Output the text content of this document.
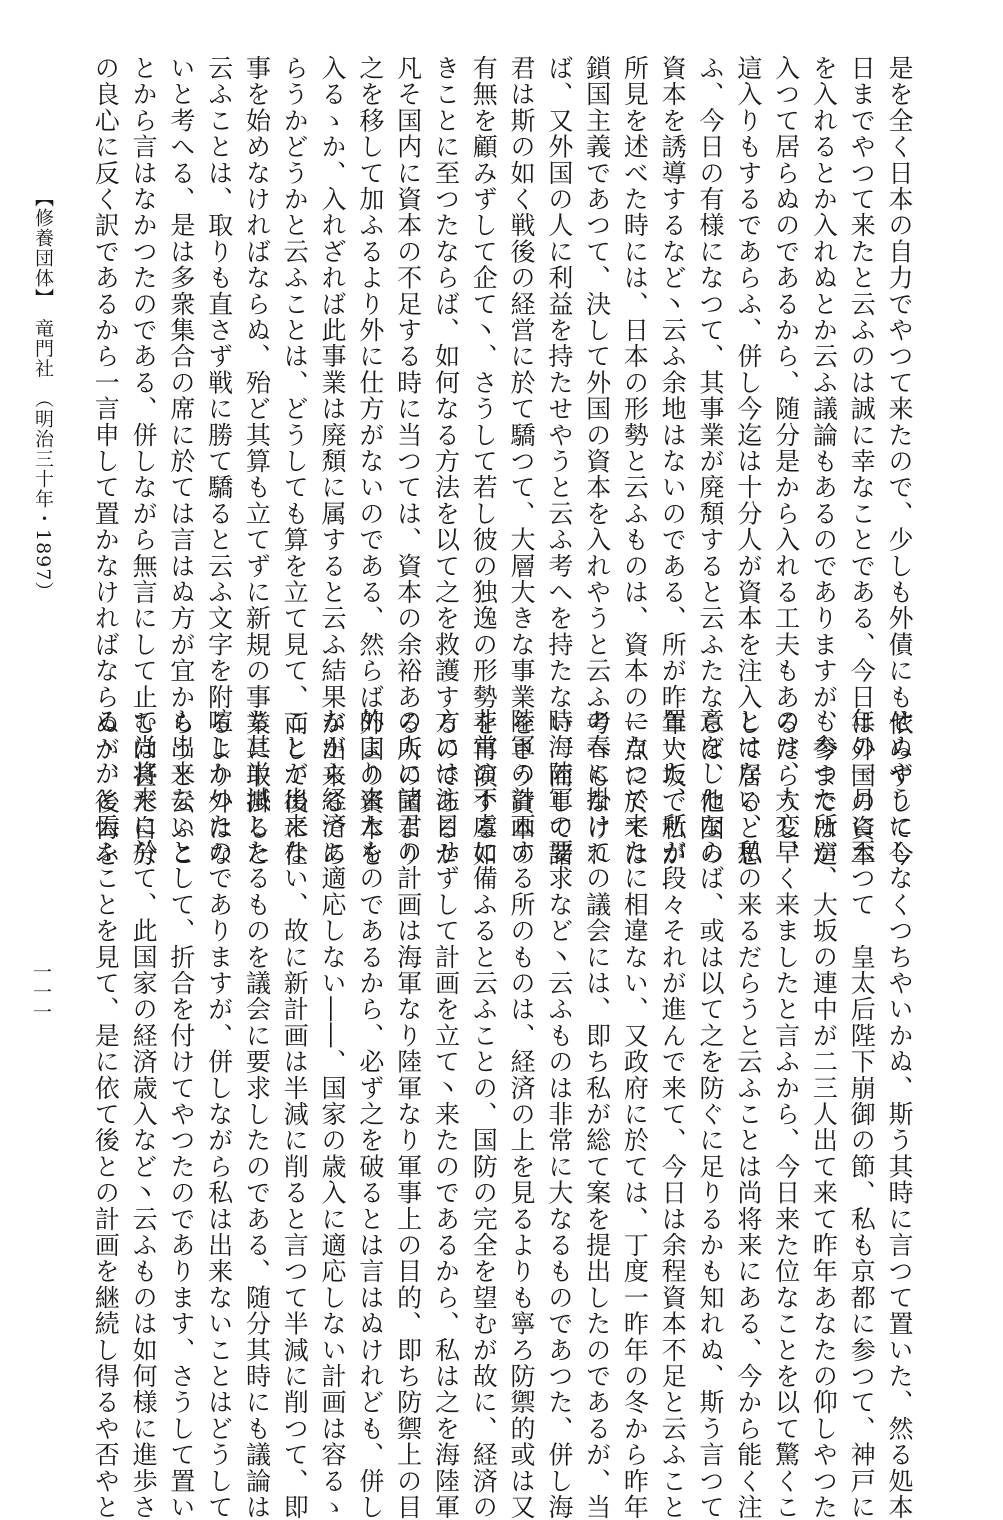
是を全く日本の自力でやつて来たので、少しも外債にも依らずして今

日までやつて来たと云ふのは誠に幸なことである、今日は外国の資本

を入れるとか入れぬとか云ふ議論もあるのでありますが、今までは這

入つて居らぬのであるから、随分是から入れる工夫もあるだらうし、

這入りもするであらふ、併し今迄は十分人が資本を注入して居ると思

ふ、今日の有様になつて、其事業が廃頽すると云ふたならば、他国の

資本を誘導するなど丶云ふ余地はないのである、所が昨年大坂で私が

所見を述べた時には、日本の形勢と云ふものは、資本の一点に於ては

鎖国主義であつて、決して外国の資本を入れやうと云ふ考へもなけれ

ば、又外国の人に利益を持たせやうと云ふ考へを持たない、而して諸

君は斯の如く戦後の経営に於て驕つて、大層大きな事業をさう資本の

有無を顧みずして企て丶、さうして若し彼の独逸の形勢を再演する如

きことに至つたならば、如何なる方法を以て之を救護するのであるか

凡そ国内に資本の不足する時に当つては、資本の余裕ある所の国より

之を移して加ふるより外に仕方がないのである、然らば外国の資本を

入るゝか、入れざれば此事業は廃頽に属すると云ふ結果が出来るであ

らうかどうかと云ふことは、どうしても算を立て見て、而して後に仕

事を始めなければならぬ、殆ど其算も立てずに新規の事業に取掛ると

云ふことは、取りも直さず戦に勝て驕ると云ふ文字を附るより外はな

いと考へる、是は多衆集合の席に於ては言はぬ方が宜からうと云ふこ

とから言はなかつたのである、併しながら無言にして止むは甚だ自分

の良心に反く訳であるから一言申して置かなければならぬが、後悔を

せぬやうにしなくつちやいかぬ、斯う其時に言つて置いた、然る処本

年の一月に至つて　皇太后陛下崩御の節、私も京都に参つて、神戸に

も参つた所が、大坂の連中が二三人出て来て昨年あなたの仰しやつた

のは、大変早く来ましたと言ふから、今日来た位なことを以て驚くこ

とはない、私の来るだらうと云ふことは尚将来にある、今から能く注

意をしたならば、或は以て之を防ぐに足りるかも知れぬ、斯う言つて

置いた、所が段々それが進んで来て、今日は余程資本不足と云ふこと

になつて来たに相違ない、又政府に於ては、丁度一昨年の冬から昨年

の春に掛けての議会には、即ち私が総て案を提出したのであるが、当

時海陸軍の要求など丶云ふものは非常に大なるものであつた、併し海

陸軍の計画する所のものは、経済の上を見るよりも寧ろ防禦的或は又

非常の不虞に備ふると云ふことの、国防の完全を望むが故に、経済の

方には注目せずして計画を立て丶来たのであるから、私は之を海陸軍

の人に諸君の計画は海軍なり陸軍なり軍事上の目的、即ち防禦上の目

的より来たものであるから、必ず之を破るとは言はぬけれども、併し

ながら経済に適応しない――、国家の歳入に適応しない計画は容るゝ

ことが出来ない、故に新計画は半減に削ると言つて半減に削つて、即

ち其半減したるものを議会に要求したのである、随分其時にも議論は

喧しかつたのでありますが、併しながら私は出来ないことはどうして

も出来ないとして、折合を付けてやつたのであります、さうして置い

て尚将来に於て、此国家の経済歳入など丶云ふものは如何様に進歩さ

る丶かと云ふことを見て、是に依て後との計画を継続し得るや否やと

【修養団体】　竜門社　（明治三十年・1897）
一一一
